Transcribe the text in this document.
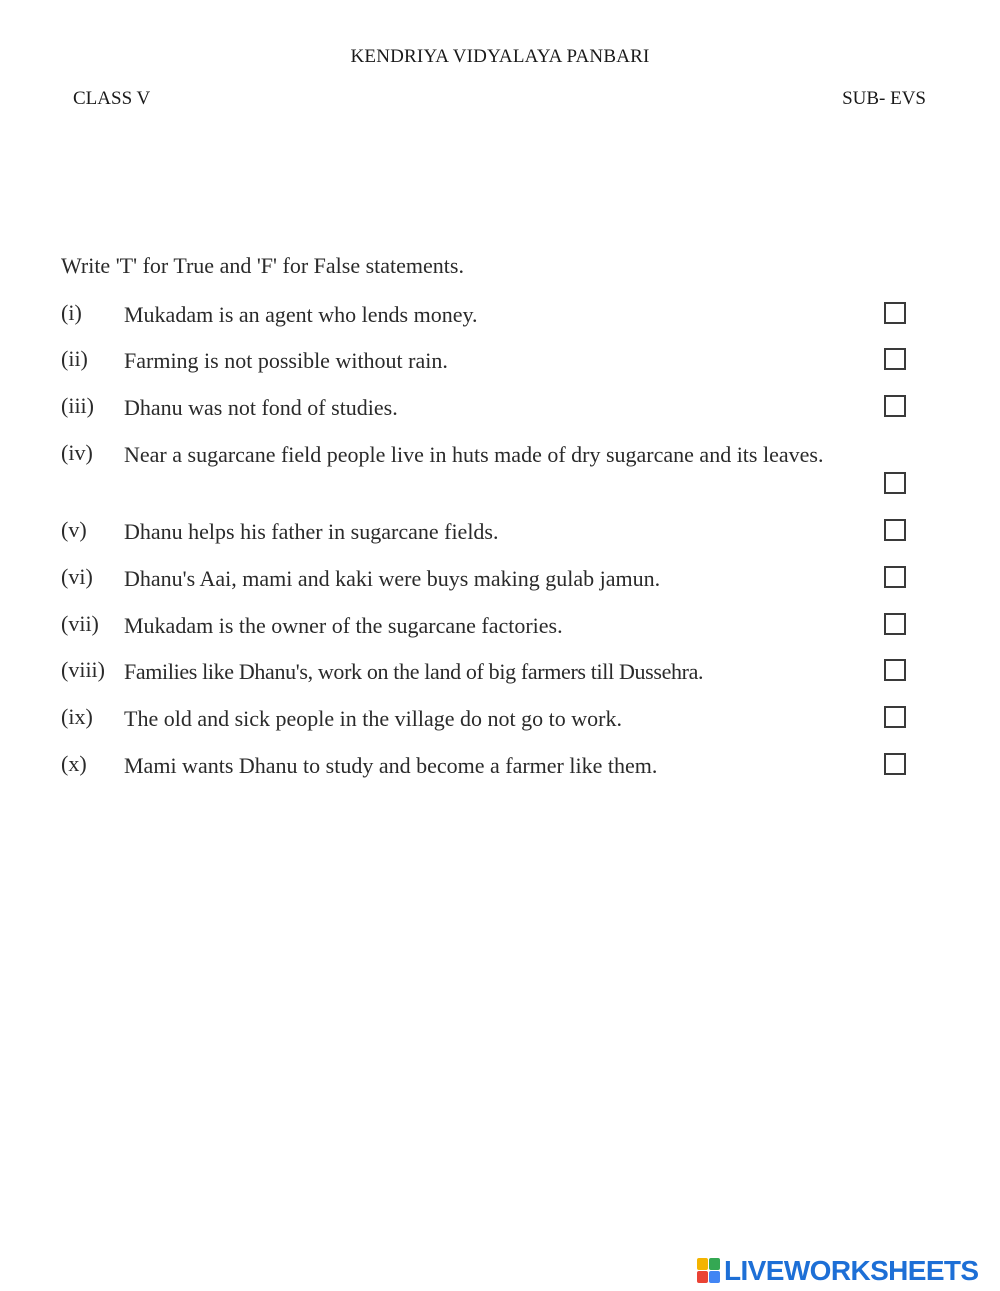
KENDRIYA VIDYALAYA PANBARI
CLASS V	SUB- EVS
Write 'T' for True and 'F' for False statements.
(i) Mukadam is an agent who lends money.
(ii) Farming is not possible without rain.
(iii) Dhanu was not fond of studies.
(iv) Near a sugarcane field people live in huts made of dry sugarcane and its leaves.
(v) Dhanu helps his father in sugarcane fields.
(vi) Dhanu's Aai, mami and kaki were buys making gulab jamun.
(vii) Mukadam is the owner of the sugarcane factories.
(viii) Families like Dhanu's, work on the land of big farmers till Dussehra.
(ix) The old and sick people in the village do not go to work.
(x) Mami wants Dhanu to study and become a farmer like them.
LIVEWORKSHEETS
